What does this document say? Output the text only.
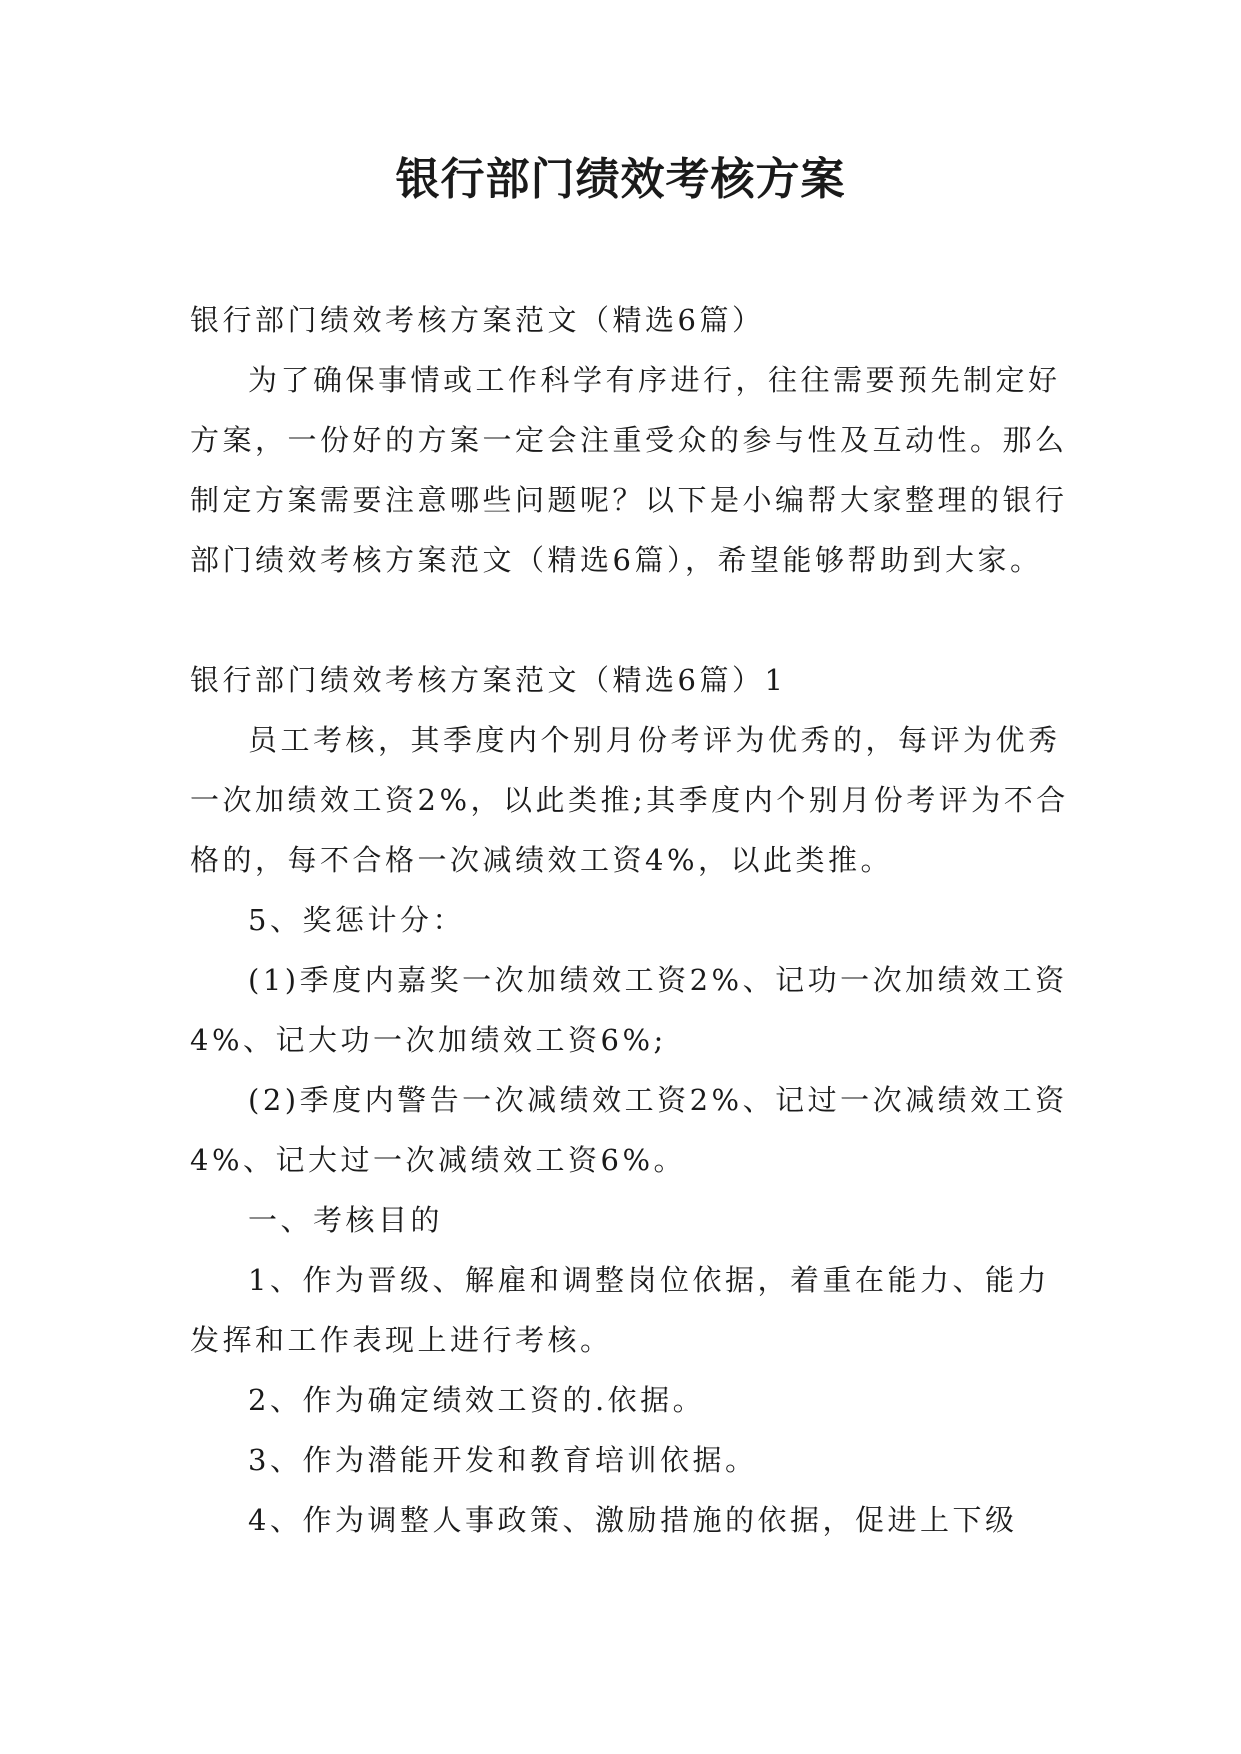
银行部门绩效考核方案

银行部门绩效考核方案范文（精选6篇）

为了确保事情或工作科学有序进行，往往需要预先制定好方案，一份好的方案一定会注重受众的参与性及互动性。那么制定方案需要注意哪些问题呢？以下是小编帮大家整理的银行部门绩效考核方案范文（精选6篇），希望能够帮助到大家。

银行部门绩效考核方案范文（精选6篇）1

员工考核，其季度内个别月份考评为优秀的，每评为优秀一次加绩效工资2%，以此类推;其季度内个别月份考评为不合格的，每不合格一次减绩效工资4%，以此类推。

5、奖惩计分：

(1)季度内嘉奖一次加绩效工资2%、记功一次加绩效工资4%、记大功一次加绩效工资6%;

(2)季度内警告一次减绩效工资2%、记过一次减绩效工资4%、记大过一次减绩效工资6%。

一、考核目的

1、作为晋级、解雇和调整岗位依据，着重在能力、能力发挥和工作表现上进行考核。

2、作为确定绩效工资的.依据。

3、作为潜能开发和教育培训依据。

4、作为调整人事政策、激励措施的依据，促进上下级
